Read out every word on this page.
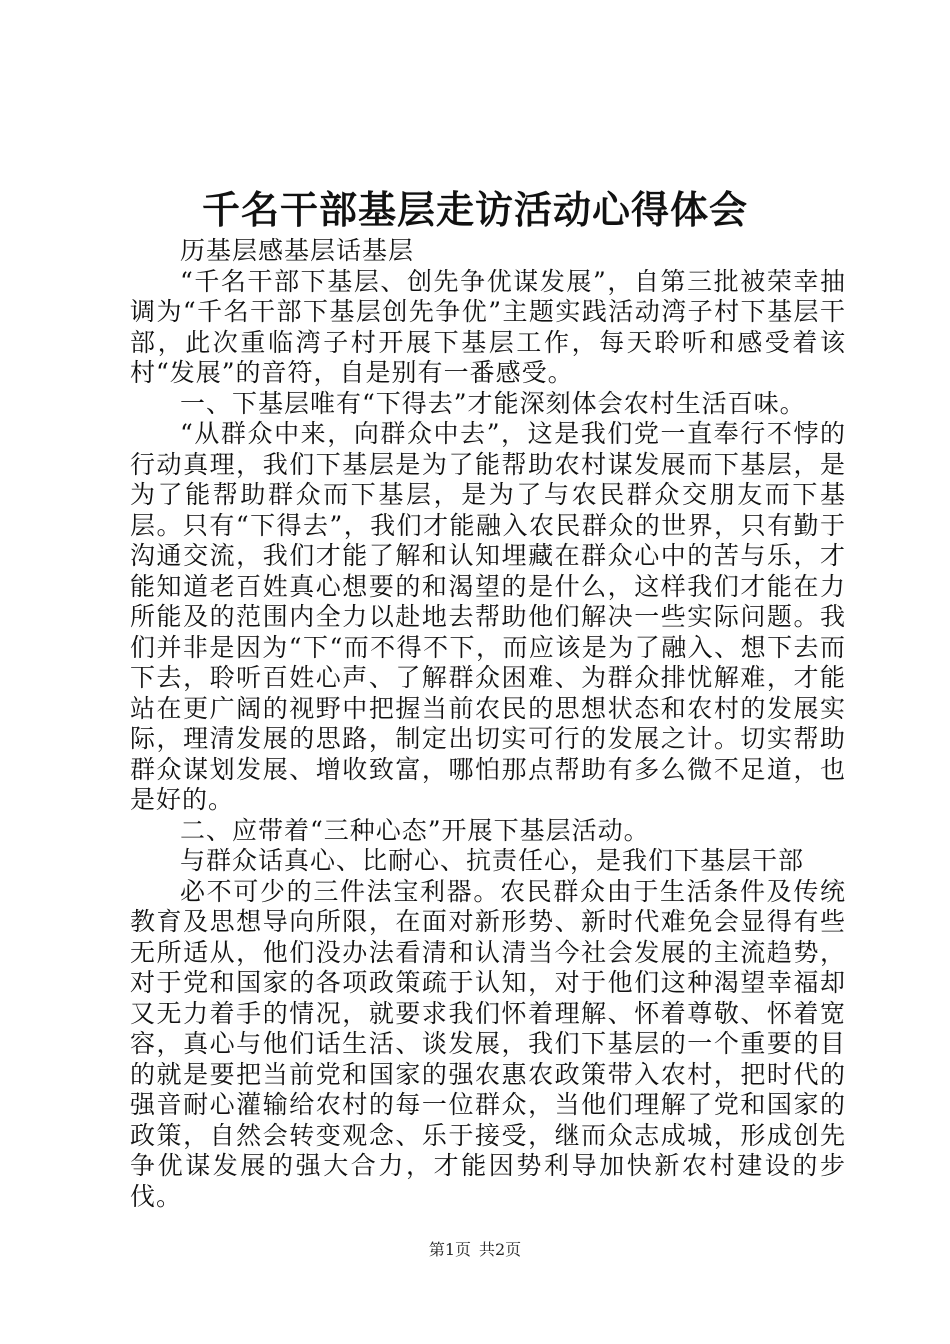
千名干部基层走访活动心得体会

历基层感基层话基层

“千名干部下基层、创先争优谋发展”，自第三批被荣幸抽调为“千名干部下基层创先争优”主题实践活动湾子村下基层干部，此次重临湾子村开展下基层工作，每天聆听和感受着该村“发展”的音符，自是别有一番感受。

一、下基层唯有“下得去”才能深刻体会农村生活百味。

“从群众中来，向群众中去”，这是我们党一直奉行不悖的行动真理，我们下基层是为了能帮助农村谋发展而下基层，是为了能帮助群众而下基层，是为了与农民群众交朋友而下基层。只有“下得去”，我们才能融入农民群众的世界，只有勤于沟通交流，我们才能了解和认知埋藏在群众心中的苦与乐，才能知道老百姓真心想要的和渴望的是什么，这样我们才能在力所能及的范围内全力以赴地去帮助他们解决一些实际问题。我们并非是因为“下“而不得不下，而应该是为了融入、想下去而下去，聆听百姓心声、了解群众困难、为群众排忧解难，才能站在更广阔的视野中把握当前农民的思想状态和农村的发展实际，理清发展的思路，制定出切实可行的发展之计。切实帮助群众谋划发展、增收致富，哪怕那点帮助有多么微不足道，也是好的。

二、应带着“三种心态”开展下基层活动。

与群众话真心、比耐心、抗责任心，是我们下基层干部

必不可少的三件法宝利器。农民群众由于生活条件及传统教育及思想导向所限，在面对新形势、新时代难免会显得有些无所适从，他们没办法看清和认清当今社会发展的主流趋势，对于党和国家的各项政策疏于认知，对于他们这种渴望幸福却又无力着手的情况，就要求我们怀着理解、怀着尊敬、怀着宽容，真心与他们话生活、谈发展，我们下基层的一个重要的目的就是要把当前党和国家的强农惠农政策带入农村，把时代的强音耐心灌输给农村的每一位群众，当他们理解了党和国家的政策，自然会转变观念、乐于接受，继而众志成城，形成创先争优谋发展的强大合力，才能因势利导加快新农村建设的步伐。

第1页 共2页
